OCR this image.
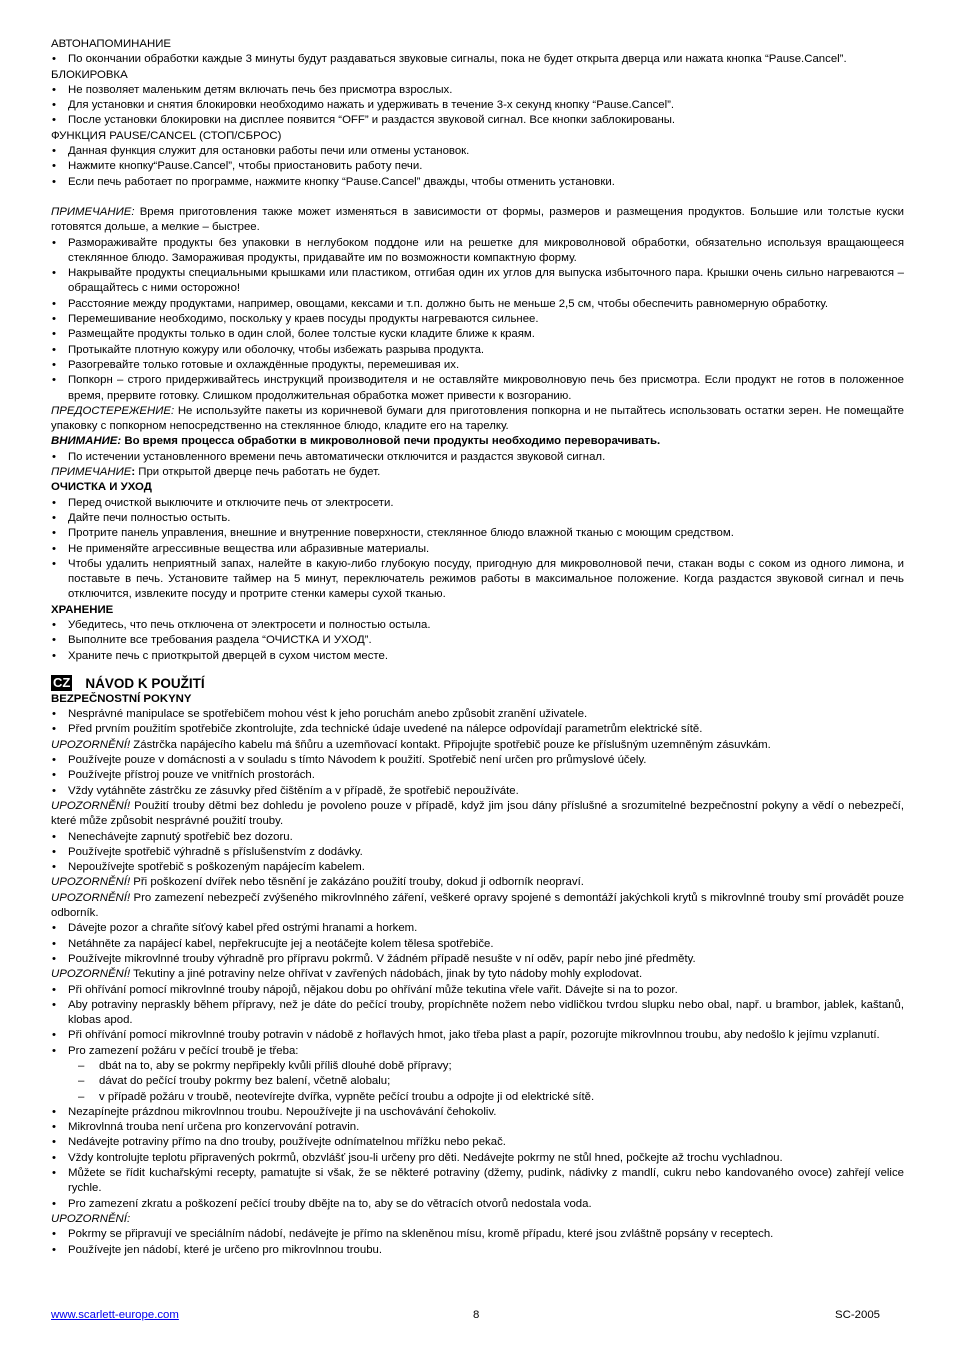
АВТОНАПОМИНАНИЕ

• По окончании обработки каждые 3 минуты будут раздаваться звуковые сигналы, пока не будет открыта дверца или нажата кнопка “Pause.Cancel”.

БЛОКИРОВКА

• Не позволяет маленьким детям включать печь без присмотра взрослых.
• Для установки и снятия блокировки необходимо нажать и удерживать в течение 3-х секунд кнопку “Pause.Cancel”.
• После установки блокировки на дисплее появится “OFF” и раздастся звуковой сигнал. Все кнопки заблокированы.

ФУНКЦИЯ PAUSE/CANCEL (СТОП/СБРОС)

• Данная функция служит для остановки работы печи или отмены установок.
• Нажмите кнопку“Pause.Cancel”, чтобы приостановить работу печи.
• Если печь работает по программе, нажмите кнопку “Pause.Cancel” дважды, чтобы отменить установки.

ПРИМЕЧАНИЕ: Время приготовления также может изменяться в зависимости от формы, размеров и размещения продуктов. Большие или толстые куски готовятся дольше, а мелкие – быстрее.

• Размораживайте продукты без упаковки в неглубоком поддоне или на решетке для микроволновой обработки, обязательно используя вращающееся стеклянное блюдо. Замораживая продукты, придавайте им по возможности компактную форму.
• Накрывайте продукты специальными крышками или пластиком, отгибая один их углов для выпуска избыточного пара. Крышки очень сильно нагреваются – обращайтесь с ними осторожно!
• Расстояние между продуктами, например, овощами, кексами и т.п. должно быть не меньше 2,5 см, чтобы обеспечить равномерную обработку.
• Перемешивание необходимо, поскольку у краев посуды продукты нагреваются сильнее.
• Размещайте продукты только в один слой, более толстые куски кладите ближе к краям.
• Протыкайте плотную кожуру или оболочку, чтобы избежать разрыва продукта.
• Разогревайте только готовые и охлаждённые продукты, перемешивая их.
• Попкорн – строго придерживайтесь инструкций производителя и не оставляйте микроволновую печь без присмотра. Если продукт не готов в положенное время, прервите готовку. Слишком продолжительная обработка может привести к возгоранию.

ПРЕДОСТЕРЕЖЕНИЕ: Не используйте пакеты из коричневой бумаги для приготовления попкорна и не пытайтесь использовать остатки зерен. Не помещайте упаковку с попкорном непосредственно на стеклянное блюдо, кладите его на тарелку.

ВНИМАНИЕ: Во время процесса обработки в микроволновой печи продукты необходимо переворачивать.

• По истечении установленного времени печь автоматически отключится и раздастся звуковой сигнал.

ПРИМЕЧАНИЕ: При открытой дверце печь работать не будет.

ОЧИСТКА И УХОД

• Перед очисткой выключите и отключите печь от электросети.
• Дайте печи полностью остыть.
• Протрите панель управления, внешние и внутренние поверхности, стеклянное блюдо влажной тканью с моющим средством.
• Не применяйте агрессивные вещества или абразивные материалы.
• Чтобы удалить неприятный запах, налейте в какую-либо глубокую посуду, пригодную для микроволновой печи, стакан воды с соком из одного лимона, и поставьте в печь. Установите таймер на 5 минут, переключатель режимов работы в максимальное положение. Когда раздастся звуковой сигнал и печь отключится, извлеките посуду и протрите стенки камеры сухой тканью.

ХРАНЕНИЕ

• Убедитесь, что печь отключена от электросети и полностью остыла.
• Выполните все требования раздела “ОЧИСТКА И УХОД”.
• Храните печь с приоткрытой дверцей в сухом чистом месте.
CZ NÁVOD K POUŽITÍ

BEZPEČNOSTNÍ POKYNY

• Nesprávné manipulace se spotřebičem mohou vést k jeho poruchám anebo způsobit zranění uživatele.
• Před prvním použitím spotřebiče zkontrolujte, zda technické údaje uvedené na nálepce odpovídají parametrům elektrické sítě.

UPOZORNĚNÍ! Zástrčka napájecího kabelu má šňůru a uzemňovací kontakt. Připojujte spotřebič pouze ke příslušným uzemněným zásuvkám.

• Používejte pouze v domácnosti a v souladu s tímto Návodem k použití. Spotřebič není určen pro průmyslové účely.
• Používejte přístroj pouze ve vnitřních prostorách.
• Vždy vytáhněte zástrčku ze zásuvky před čištěním a v případě, že spotřebič nepoužíváte.

UPOZORNĚNÍ! Použití trouby dětmi bez dohledu je povoleno pouze v případě, když jim jsou dány příslušné a srozumitelné bezpečnostní pokyny a vědí o nebezpečí, které může způsobit nesprávné použití trouby.

• Nenechávejte zapnutý spotřebič bez dozoru.
• Používejte spotřebič výhradně s příslušenstvím z dodávky.
• Nepoužívejte spotřebič s poškozeným napájecím kabelem.

UPOZORNĚNÍ! Při poškození dvířek nebo těsnění je zakázáno použití trouby, dokud ji odborník neopraví.

UPOZORNĚNÍ! Pro zamezení nebezpečí zvýšeného mikrovlnného záření, veškeré opravy spojené s demontáží jakýchkoli krytů s mikrovlnné trouby smí provádět pouze odborník.

• Dávejte pozor a chraňte síťový kabel před ostrými hranami a horkem.
• Netáhněte za napájecí kabel, nepřekrucujte jej a neotáčejte kolem tělesa spotřebiče.
• Používejte mikrovlnné trouby výhradně pro přípravu pokrmů. V žádném případě nesušte v ní oděv, papír nebo jiné předměty.

UPOZORNĚNÍ! Tekutiny a jiné potraviny nelze ohřívat v zavřených nádobách, jinak by tyto nádoby mohly explodovat.

• Při ohřívání pomocí mikrovlnné trouby nápojů, nějakou dobu po ohřívání může tekutina vřele vařit. Dávejte si na to pozor.
• Aby potraviny nepraskly během přípravy, než je dáte do pečící trouby, propíchněte nožem nebo vidličkou tvrdou slupku nebo obal, např. u brambor, jablek, kaštanů, klobas apod.
• Při ohřívání pomocí mikrovlnné trouby potravin v nádobě z hořlavých hmot, jako třeba plast a papír, pozorujte mikrovlnnou troubu, aby nedošlo k jejímu vzplanutí.
• Pro zamezení požáru v pečící troubě je třeba:
– dbát na to, aby se pokrmy nepřipekly kvůli příliš dlouhé době přípravy;
– dávat do pečící trouby pokrmy bez balení, včetně alobalu;
– v případě požáru v troubě, neotevírejte dvířka, vypněte pečící troubu a odpojte ji od elektrické sítě.
• Nezapínejte prázdnou mikrovlnnou troubu. Nepoužívejte ji na uschovávání čehokoliv.
• Mikrovlnná trouba není určena pro konzervování potravin.
• Nedávejte potraviny přímo na dno trouby, používejte odnímatelnou mřížku nebo pekač.
• Vždy kontrolujte teplotu připravených pokrmů, obzvlášť jsou-li určeny pro děti. Nedávejte pokrmy ne stůl hned, počkejte až trochu vychladnou.
• Můžete se řídit kuchařskými recepty, pamatujte si však, že se některé potraviny (džemy, pudink, nádivky z mandlí, cukru nebo kandovaného ovoce) zahřejí velice rychle.
• Pro zamezení zkratu a poškození pečící trouby dbějte na to, aby se do větracích otvorů nedostala voda.

UPOZORNĚNÍ:

• Pokrmy se připravují ve speciálním nádobí, nedávejte je přímo na skleněnou mísu, kromě případu, které jsou zvláštně popsány v receptech.
• Používejte jen nádobí, které je určeno pro mikrovlnnou troubu.
www.scarlett-europe.com	8	SC-2005
